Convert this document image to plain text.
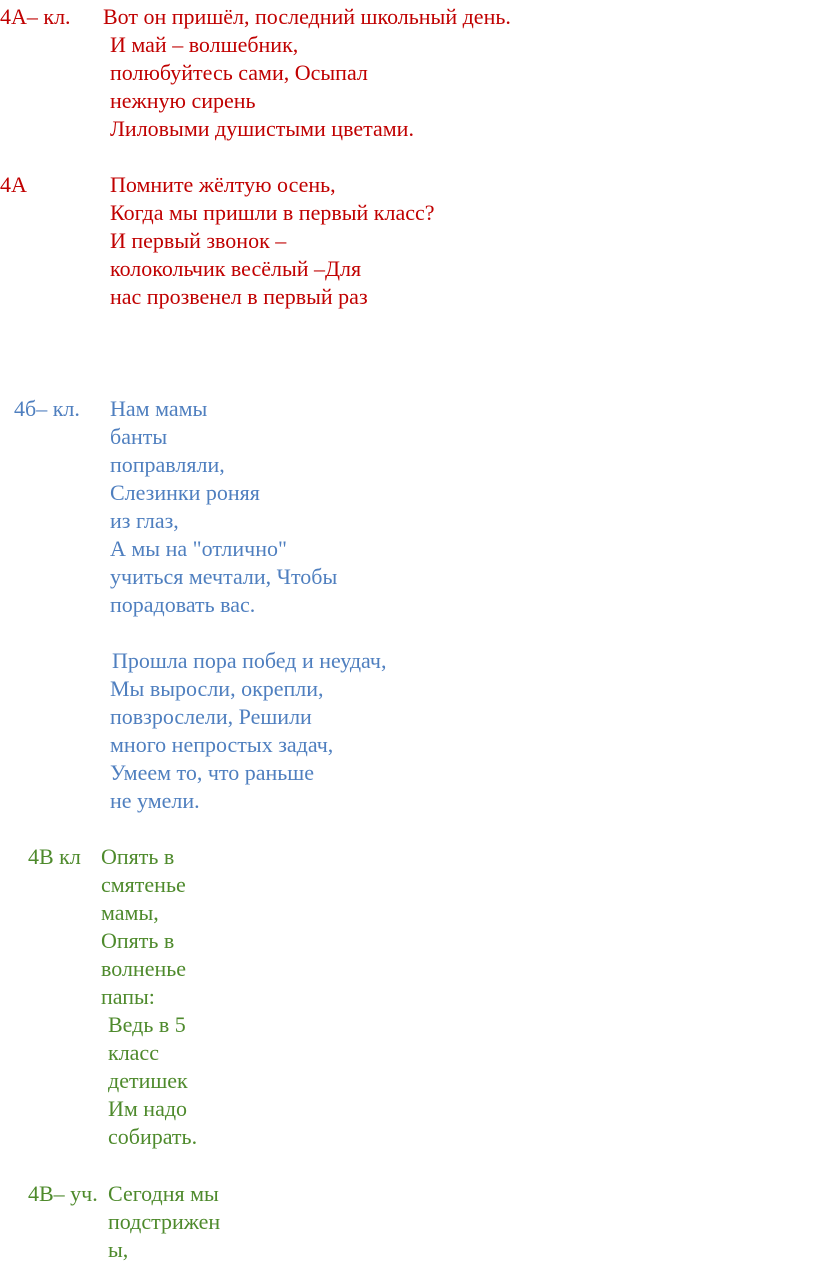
4А– кл. Вот он пришёл, последний школьный день.
И май – волшебник,
полюбуйтесь сами, Осыпал
нежную сирень
Лиловыми душистыми цветами.
4А	Помните жёлтую осень,
Когда мы пришли в первый класс?
И первый звонок –
колокольчик весёлый –Для
нас прозвенел в первый раз
4б– кл. Нам мамы
банты
поправляли,
Слезинки роняя
из глаз,
А мы на "отлично"
учиться мечтали, Чтобы
порадовать вас.
Прошла пора побед и неудач,
Мы выросли, окрепли,
повзрослели, Решили
много непростых задач,
Умеем то, что раньше
не умели.
4В кл Опять в
смятенье
мамы,
Опять в
волненье
папы:
Ведь в 5
класс
детишек
Им надо
собирать.
4В– уч. Сегодня мы
подстрижен
ы,
